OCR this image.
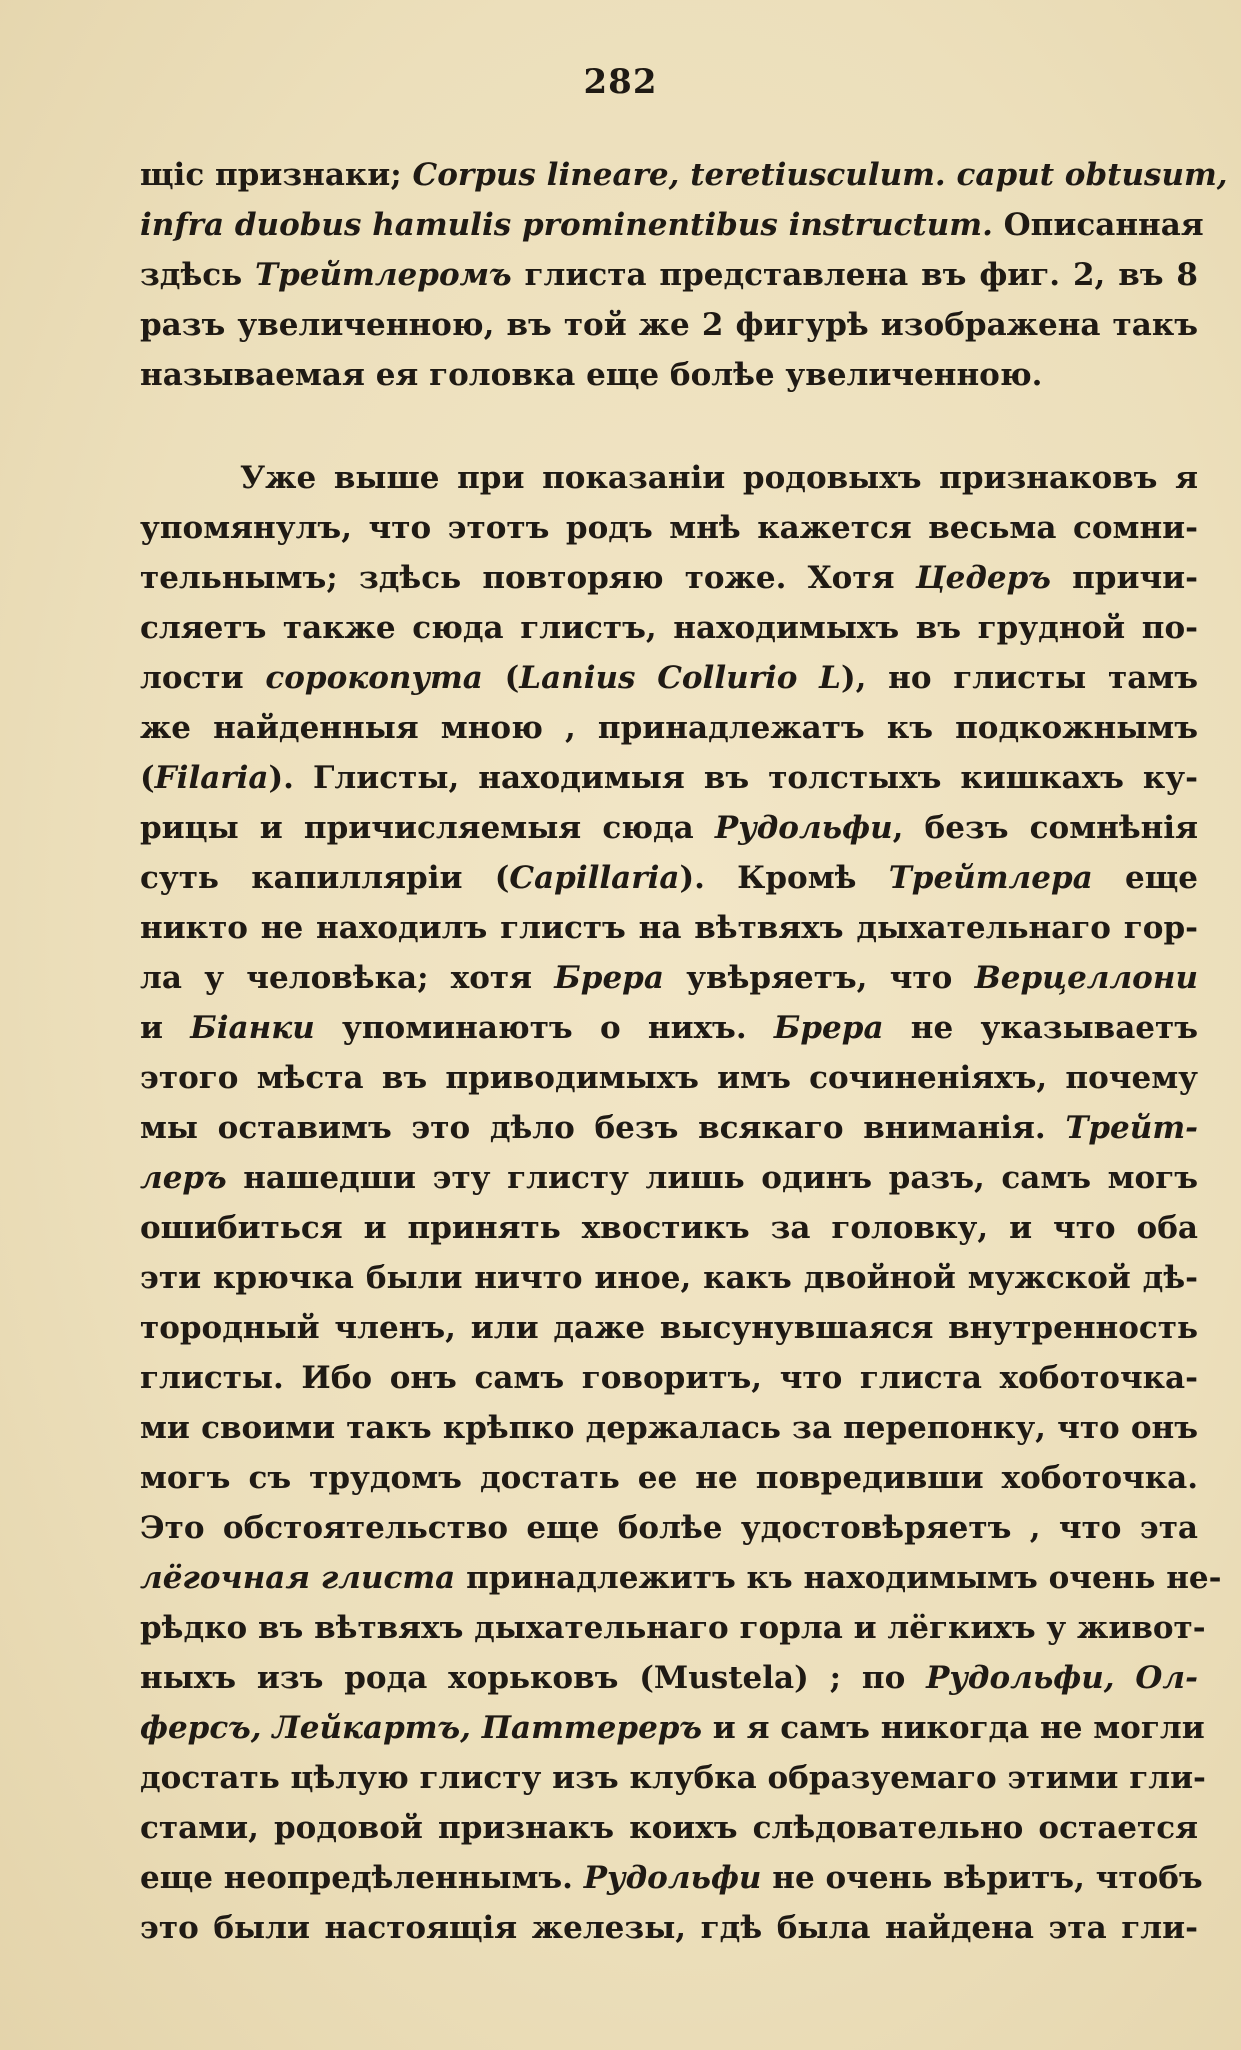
282
щіс признаки; Corpus lineare, teretiusculum. caput obtusum,
infra duobus hamulis prominentibus instructum. Описанная
здѣсь Трейтлеромъ глиста представлена въ фиг. 2, въ 8
разъ увеличенною, въ той же 2 фигурѣ изображена такъ
называемая ея головка еще болѣе увеличенною.
Уже выше при показаніи родовыхъ признаковъ я
упомянулъ, что этотъ родъ мнѣ кажется весьма сомни-
тельнымъ; здѣсь повторяю тоже. Хотя Цедеръ причи-
сляетъ также сюда глистъ, находимыхъ въ грудной по-
лости сорокопута (Lanius Collurio L), но глисты тамъ
же найденныя мною , принадлежатъ къ подкожнымъ
(Filaria). Глисты, находимыя въ толстыхъ кишкахъ ку-
рицы и причисляемыя сюда Рудольфи, безъ сомнѣнія
суть капилляріи (Capillaria). Кромѣ Трейтлера еще
никто не находилъ глистъ на вѣтвяхъ дыхательнаго гор-
ла у человѣка; хотя Брера увѣряетъ, что Верцеллони
и Біанки упоминаютъ о нихъ. Брера не указываетъ
этого мѣста въ приводимыхъ имъ сочиненіяхъ, почему
мы оставимъ это дѣло безъ всякаго вниманія. Трейт-
леръ нашедши эту глисту лишь одинъ разъ, самъ могъ
ошибиться и принять хвостикъ за головку, и что оба
эти крючка были ничто иное, какъ двойной мужской дѣ-
тородный членъ, или даже высунувшаяся внутренность
глисты. Ибо онъ самъ говоритъ, что глиста хоботочка-
ми своими такъ крѣпко держалась за перепонку, что онъ
могъ съ трудомъ достать ее не повредивши хоботочка.
Это обстоятельство еще болѣе удостовѣряетъ , что эта
лёгочная глиста принадлежитъ къ находимымъ очень не-
рѣдко въ вѣтвяхъ дыхательнаго горла и лёгкихъ у живот-
ныхъ изъ рода хорьковъ (Mustela) ; по Рудольфи, Ол-
ферсъ, Лейкартъ, Паттереръ и я самъ никогда не могли
достать цѣлую глисту изъ клубка образуемаго этими гли-
стами, родовой признакъ коихъ слѣдовательно остается
еще неопредѣленнымъ. Рудольфи не очень вѣритъ, чтобъ
это были настоящія железы, гдѣ была найдена эта гли-
